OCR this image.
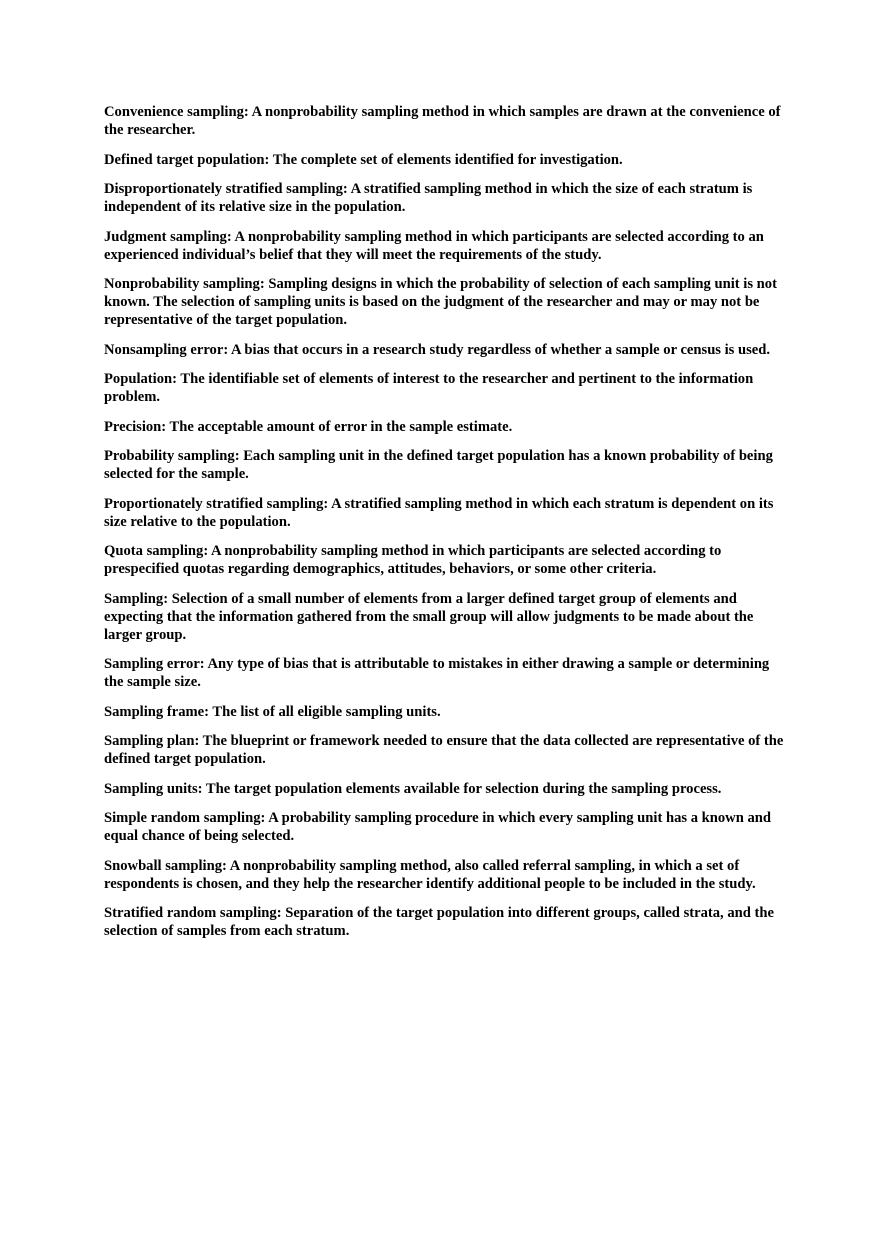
Convenience sampling: A nonprobability sampling method in which samples are drawn at the convenience of the researcher.

Defined target population: The complete set of elements identified for investigation.

Disproportionately stratified sampling: A stratified sampling method in which the size of each stratum is independent of its relative size in the population.

Judgment sampling: A nonprobability sampling method in which participants are selected according to an experienced individual’s belief that they will meet the requirements of the study.

Nonprobability sampling: Sampling designs in which the probability of selection of each sampling unit is not known. The selection of sampling units is based on the judgment of the researcher and may or may not be representative of the target population.

Nonsampling error: A bias that occurs in a research study regardless of whether a sample or census is used.

Population: The identifiable set of elements of interest to the researcher and pertinent to the information problem.

Precision: The acceptable amount of error in the sample estimate.

Probability sampling: Each sampling unit in the defined target population has a known probability of being selected for the sample.

Proportionately stratified sampling: A stratified sampling method in which each stratum is dependent on its size relative to the population.

Quota sampling: A nonprobability sampling method in which participants are selected according to prespecified quotas regarding demographics, attitudes, behaviors, or some other criteria.

Sampling: Selection of a small number of elements from a larger defined target group of elements and expecting that the information gathered from the small group will allow judgments to be made about the larger group.

Sampling error: Any type of bias that is attributable to mistakes in either drawing a sample or determining the sample size.

Sampling frame: The list of all eligible sampling units.

Sampling plan: The blueprint or framework needed to ensure that the data collected are representative of the defined target population.

Sampling units: The target population elements available for selection during the sampling process.

Simple random sampling: A probability sampling procedure in which every sampling unit has a known and equal chance of being selected.

Snowball sampling: A nonprobability sampling method, also called referral sampling, in which a set of respondents is chosen, and they help the researcher identify additional people to be included in the study.

Stratified random sampling: Separation of the target population into different groups, called strata, and the selection of samples from each stratum.
